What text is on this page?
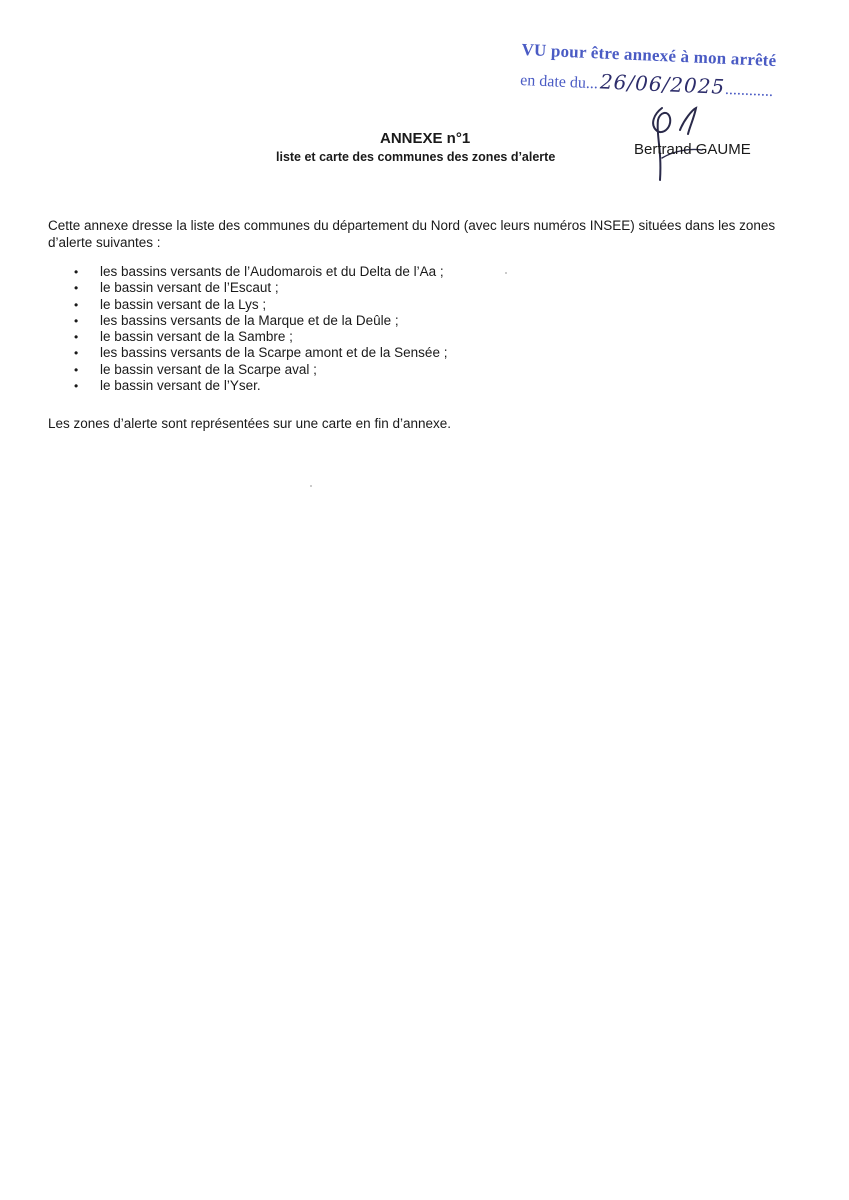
VU pour être annexé à mon arrêté
en date du...26/06/2025............
ANNEXE n°1
liste et carte des communes des zones d’alerte	Bertrand GAUME
Cette annexe dresse la liste des communes du département du Nord (avec leurs numéros INSEE) situées dans les zones d’alerte suivantes :
• les bassins versants de l’Audomarois et du Delta de l’Aa ;
• le bassin versant de l’Escaut ;
• le bassin versant de la Lys ;
• les bassins versants de la Marque et de la Deûle ;
• le bassin versant de la Sambre ;
• les bassins versants de la Scarpe amont et de la Sensée ;
• le bassin versant de la Scarpe aval ;
• le bassin versant de l’Yser.
Les zones d’alerte sont représentées sur une carte en fin d’annexe.
